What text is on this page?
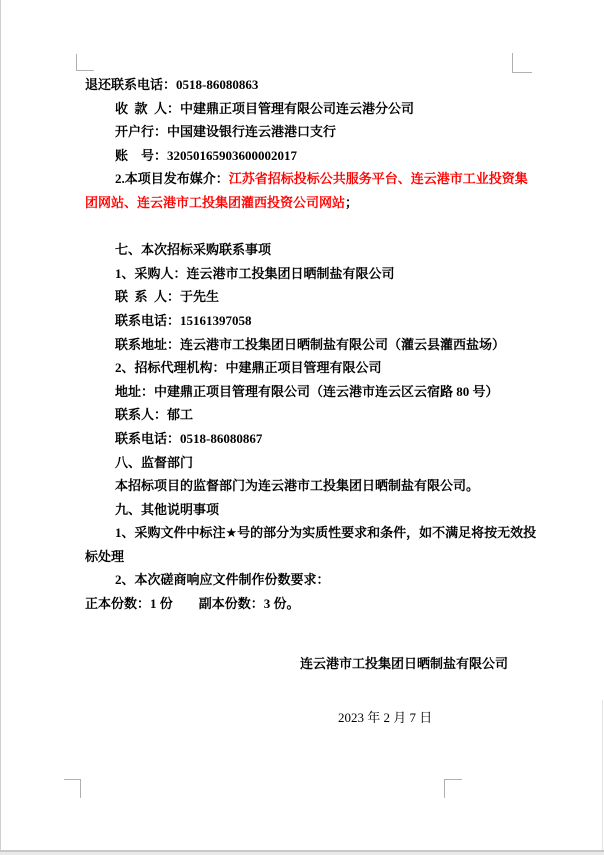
退还联系电话：0518-86080863

收  款  人：中建鼎正项目管理有限公司连云港分公司

开户行：中国建设银行连云港港口支行

账    号：32050165903600002017

2.本项目发布媒介：江苏省招标投标公共服务平台、连云港市工业投资集

团网站、连云港市工投集团灌西投资公司网站；

七、本次招标采购联系事项

1、采购人：连云港市工投集团日晒制盐有限公司

联  系  人：于先生

联系电话：15161397058

联系地址：连云港市工投集团日晒制盐有限公司（灌云县灌西盐场）

2、招标代理机构：中建鼎正项目管理有限公司

地址：中建鼎正项目管理有限公司（连云港市连云区云宿路 80 号）

联系人：郁工

联系电话：0518-86080867

八、监督部门

本招标项目的监督部门为连云港市工投集团日晒制盐有限公司。

九、其他说明事项

1、采购文件中标注★号的部分为实质性要求和条件，如不满足将按无效投

标处理

2、本次磋商响应文件制作份数要求：

正本份数：1 份　　副本份数：3 份。

连云港市工投集团日晒制盐有限公司

2023 年 2 月 7 日
